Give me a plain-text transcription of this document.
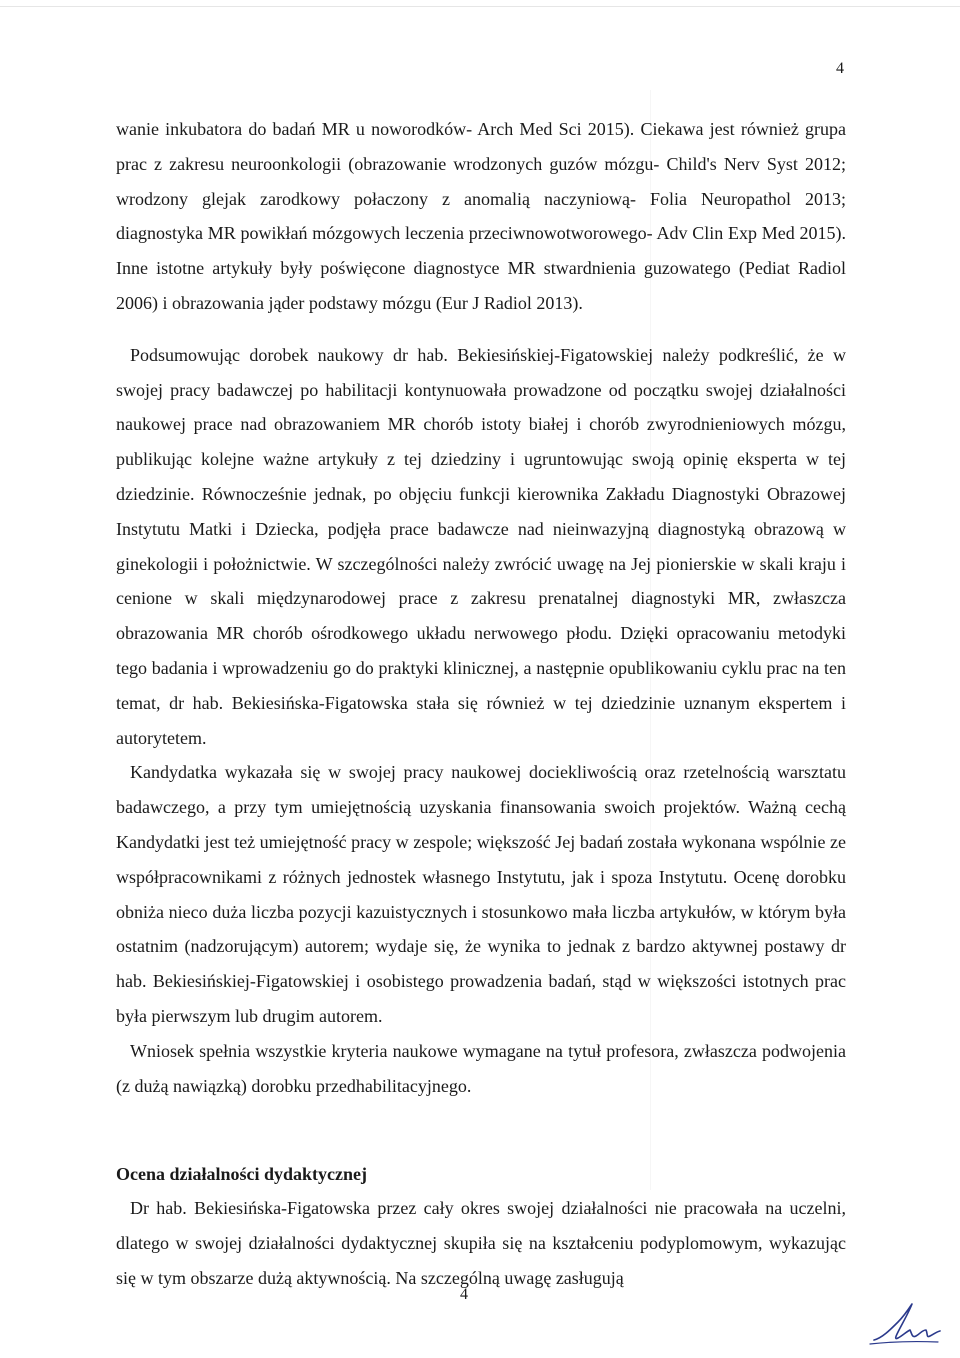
4

wanie inkubatora do badań MR u noworodków- Arch Med Sci 2015). Ciekawa jest również grupa prac z zakresu neuroonkologii (obrazowanie wrodzonych guzów mózgu- Child's Nerv Syst 2012; wrodzony glejak zarodkowy połaczony z anomalią naczyniową- Folia Neuropathol 2013; diagnostyka MR powikłań mózgowych leczenia przeciwnowotworowego- Adv Clin Exp Med 2015). Inne istotne artykuły były poświęcone diagnostyce MR stwardnienia guzowatego (Pediat Radiol 2006) i obrazowania jąder podstawy mózgu (Eur J Radiol 2013).

Podsumowując dorobek naukowy dr hab. Bekiesińskiej-Figatowskiej należy podkreślić, że w swojej pracy badawczej po habilitacji kontynuowała prowadzone od początku swojej działalności naukowej prace nad obrazowaniem MR chorób istoty białej i chorób zwyrodnieniowych mózgu, publikując kolejne ważne artykuły z tej dziedziny i ugruntowując swoją opinię eksperta w tej dziedzinie. Równocześnie jednak, po objęciu funkcji kierownika Zakładu Diagnostyki Obrazowej Instytutu Matki i Dziecka, podjęła prace badawcze nad nieinwazyjną diagnostyką obrazową w ginekologii i położnictwie. W szczególności należy zwrócić uwagę na Jej pionierskie w skali kraju i cenione w skali międzynarodowej prace z zakresu prenatalnej diagnostyki MR, zwłaszcza obrazowania MR chorób ośrodkowego układu nerwowego płodu. Dzięki opracowaniu metodyki tego badania i wprowadzeniu go do praktyki klinicznej, a następnie opublikowaniu cyklu prac na ten temat, dr hab. Bekiesińska-Figatowska stała się również w tej dziedzinie uznanym ekspertem i autorytetem.

Kandydatka wykazała się w swojej pracy naukowej dociekliwością oraz rzetelnością warsztatu badawczego, a przy tym umiejętnością uzyskania finansowania swoich projektów. Ważną cechą Kandydatki jest też umiejętność pracy w zespole; większość Jej badań została wykonana wspólnie ze współpracownikami z różnych jednostek własnego Instytutu, jak i spoza Instytutu. Ocenę dorobku obniża nieco duża liczba pozycji kazuistycznych i stosunkowo mała liczba artykułów, w którym była ostatnim (nadzorującym) autorem; wydaje się, że wynika to jednak z bardzo aktywnej postawy dr hab. Bekiesińskiej-Figatowskiej i osobistego prowadzenia badań, stąd w większości istotnych prac była pierwszym lub drugim autorem.

Wniosek spełnia wszystkie kryteria naukowe wymagane na tytuł profesora, zwłaszcza podwojenia (z dużą nawiązką) dorobku przedhabilitacyjnego.

Ocena działalności dydaktycznej

Dr hab. Bekiesińska-Figatowska przez cały okres swojej działalności nie pracowała na uczelni, dlatego w swojej działalności dydaktycznej skupiła się na kształceniu podyplomowym, wykazując się w tym obszarze dużą aktywnością. Na szczególną uwagę zasługują

4
